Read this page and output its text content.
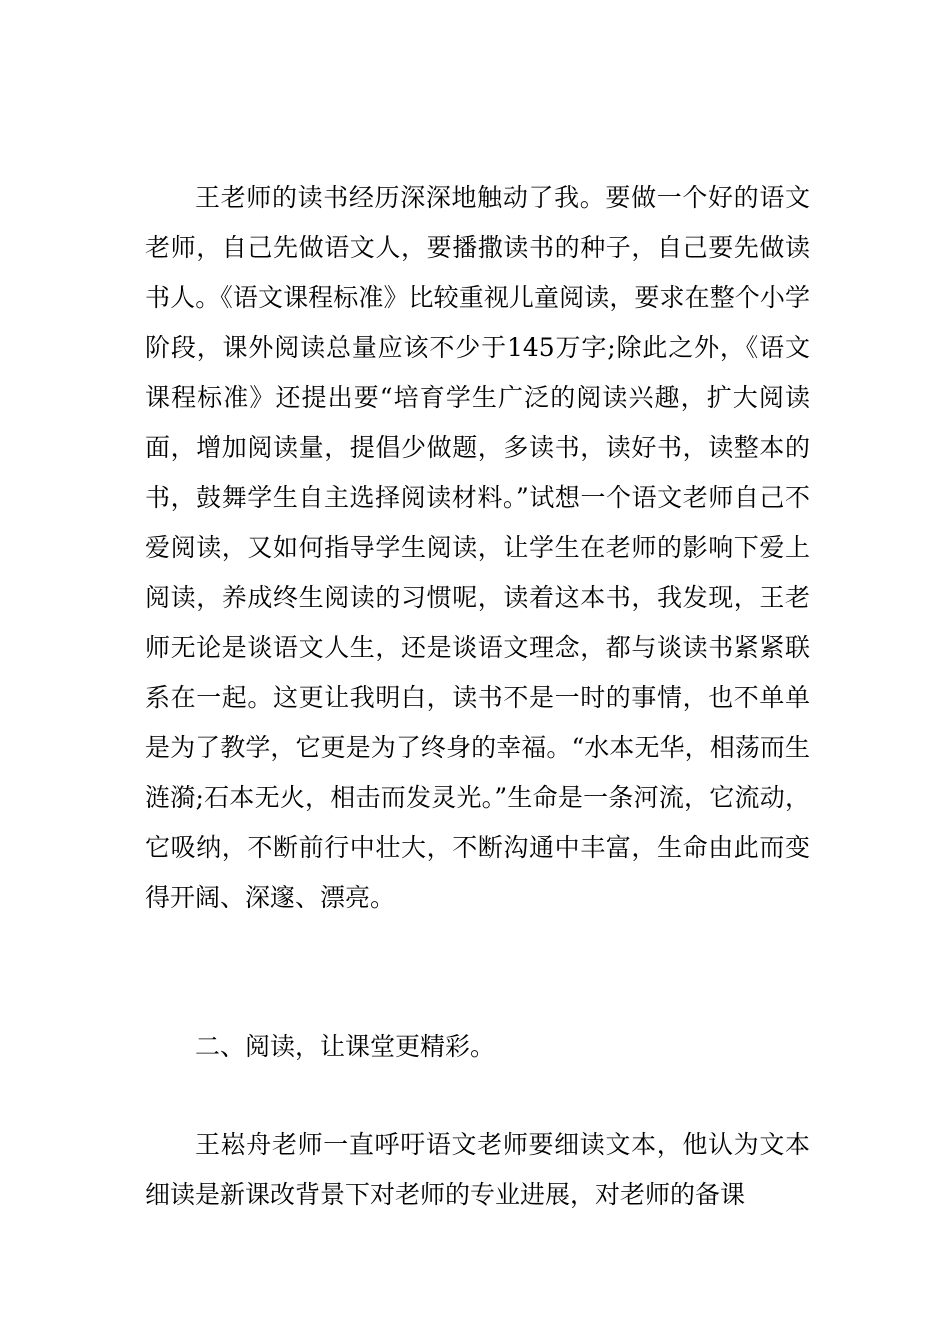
王老师的读书经历深深地触动了我。要做一个好的语文老师，自己先做语文人，要播撒读书的种子，自己要先做读书人。《语文课程标准》比较重视儿童阅读，要求在整个小学阶段，课外阅读总量应该不少于145万字;除此之外，《语文课程标准》还提出要“培育学生广泛的阅读兴趣，扩大阅读面，增加阅读量，提倡少做题，多读书，读好书，读整本的书，鼓舞学生自主选择阅读材料。”试想一个语文老师自己不爱阅读，又如何指导学生阅读，让学生在老师的影响下爱上阅读，养成终生阅读的习惯呢，读着这本书，我发现，王老师无论是谈语文人生，还是谈语文理念，都与谈读书紧紧联系在一起。这更让我明白，读书不是一时的事情，也不单单是为了教学，它更是为了终身的幸福。“水本无华，相荡而生涟漪;石本无火，相击而发灵光。”生命是一条河流，它流动，它吸纳，不断前行中壮大，不断沟通中丰富，生命由此而变得开阔、深邃、漂亮。

二、阅读，让课堂更精彩。

王崧舟老师一直呼吁语文老师要细读文本，他认为文本细读是新课改背景下对老师的专业进展，对老师的备课
